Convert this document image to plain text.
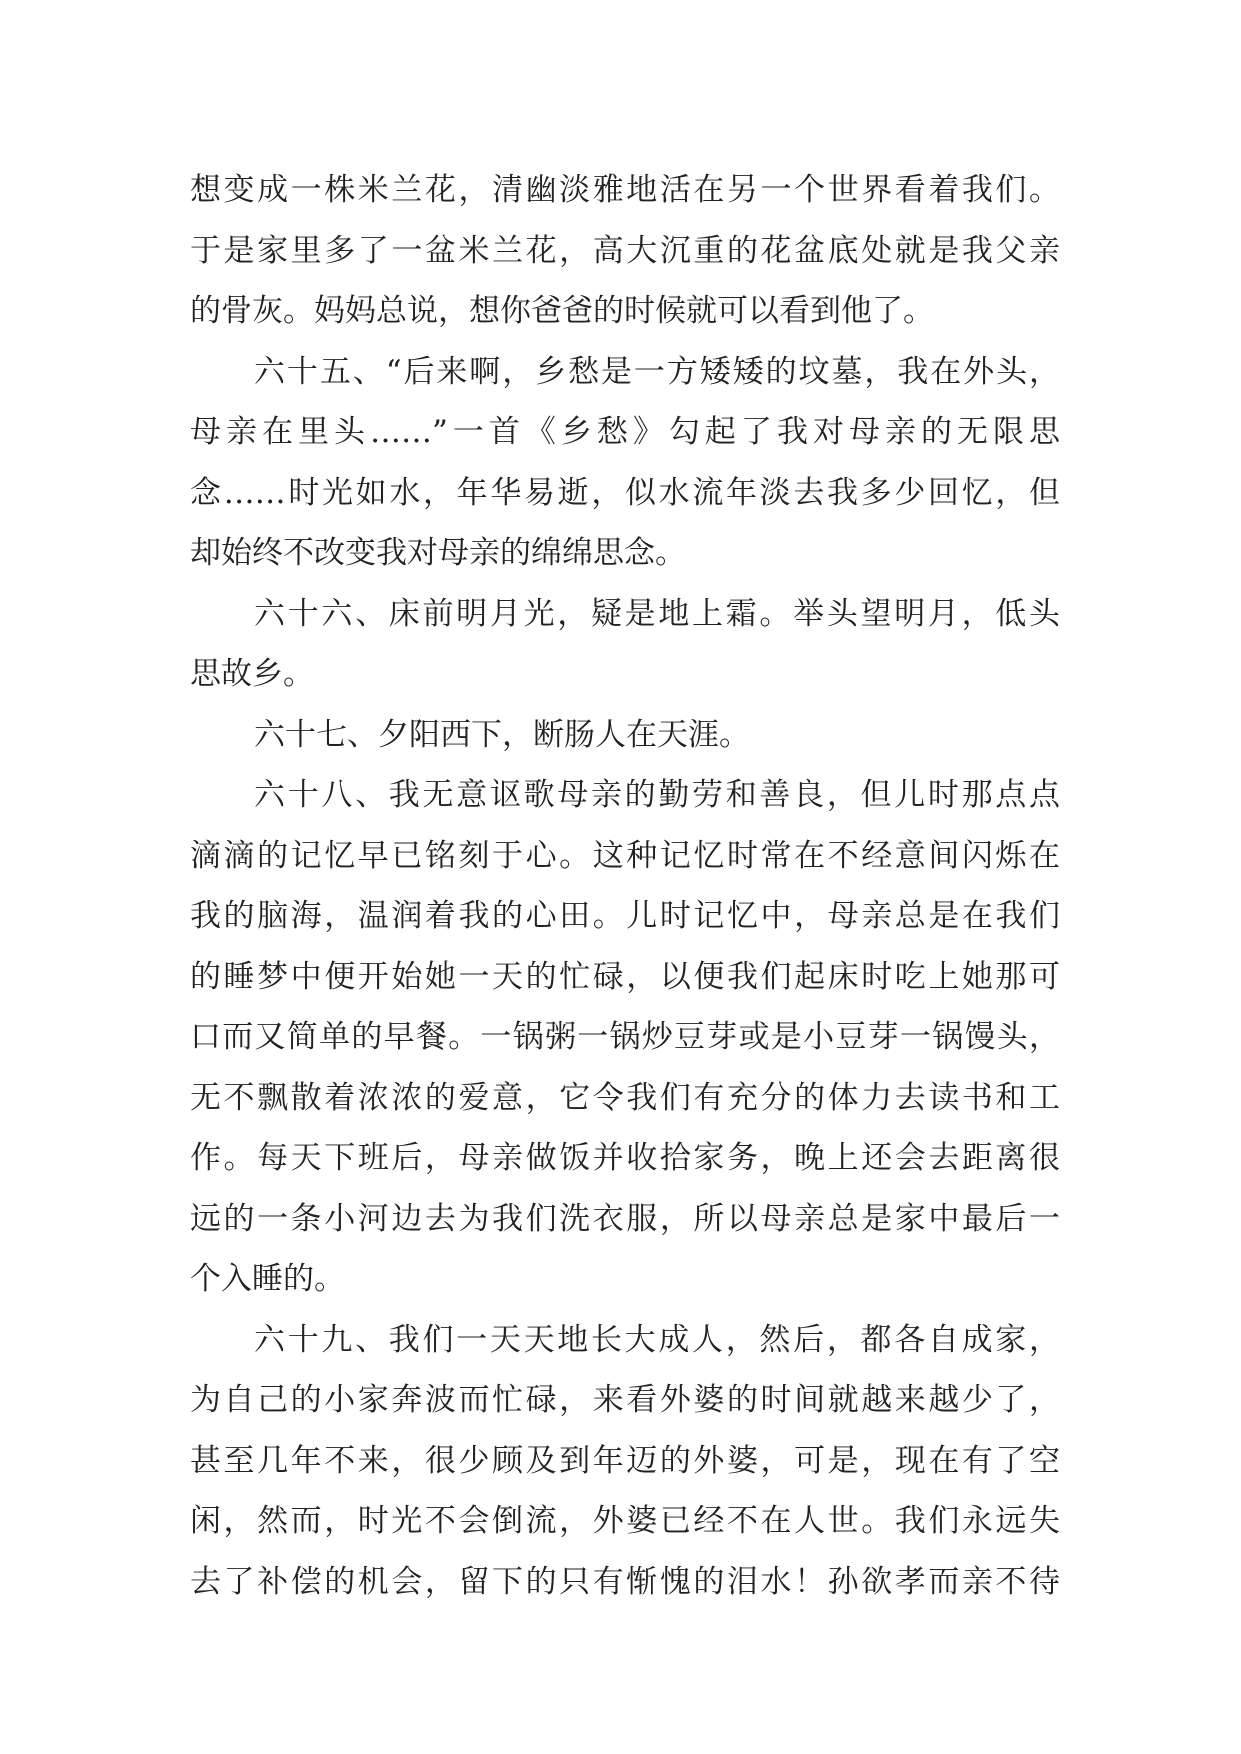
想变成一株米兰花，清幽淡雅地活在另一个世界看着我们。
于是家里多了一盆米兰花，高大沉重的花盆底处就是我父亲
的骨灰。妈妈总说，想你爸爸的时候就可以看到他了。
六十五、“后来啊，乡愁是一方矮矮的坟墓，我在外头，
母亲在里头……”一首《乡愁》勾起了我对母亲的无限思
念……时光如水，年华易逝，似水流年淡去我多少回忆，但
却始终不改变我对母亲的绵绵思念。
六十六、床前明月光，疑是地上霜。举头望明月，低头
思故乡。
六十七、夕阳西下，断肠人在天涯。
六十八、我无意讴歌母亲的勤劳和善良，但儿时那点点
滴滴的记忆早已铭刻于心。这种记忆时常在不经意间闪烁在
我的脑海，温润着我的心田。儿时记忆中，母亲总是在我们
的睡梦中便开始她一天的忙碌，以便我们起床时吃上她那可
口而又简单的早餐。一锅粥一锅炒豆芽或是小豆芽一锅馒头，
无不飘散着浓浓的爱意，它令我们有充分的体力去读书和工
作。每天下班后，母亲做饭并收拾家务，晚上还会去距离很
远的一条小河边去为我们洗衣服，所以母亲总是家中最后一
个入睡的。
六十九、我们一天天地长大成人，然后，都各自成家，
为自己的小家奔波而忙碌，来看外婆的时间就越来越少了，
甚至几年不来，很少顾及到年迈的外婆，可是，现在有了空
闲，然而，时光不会倒流，外婆已经不在人世。我们永远失
去了补偿的机会，留下的只有惭愧的泪水！孙欲孝而亲不待
